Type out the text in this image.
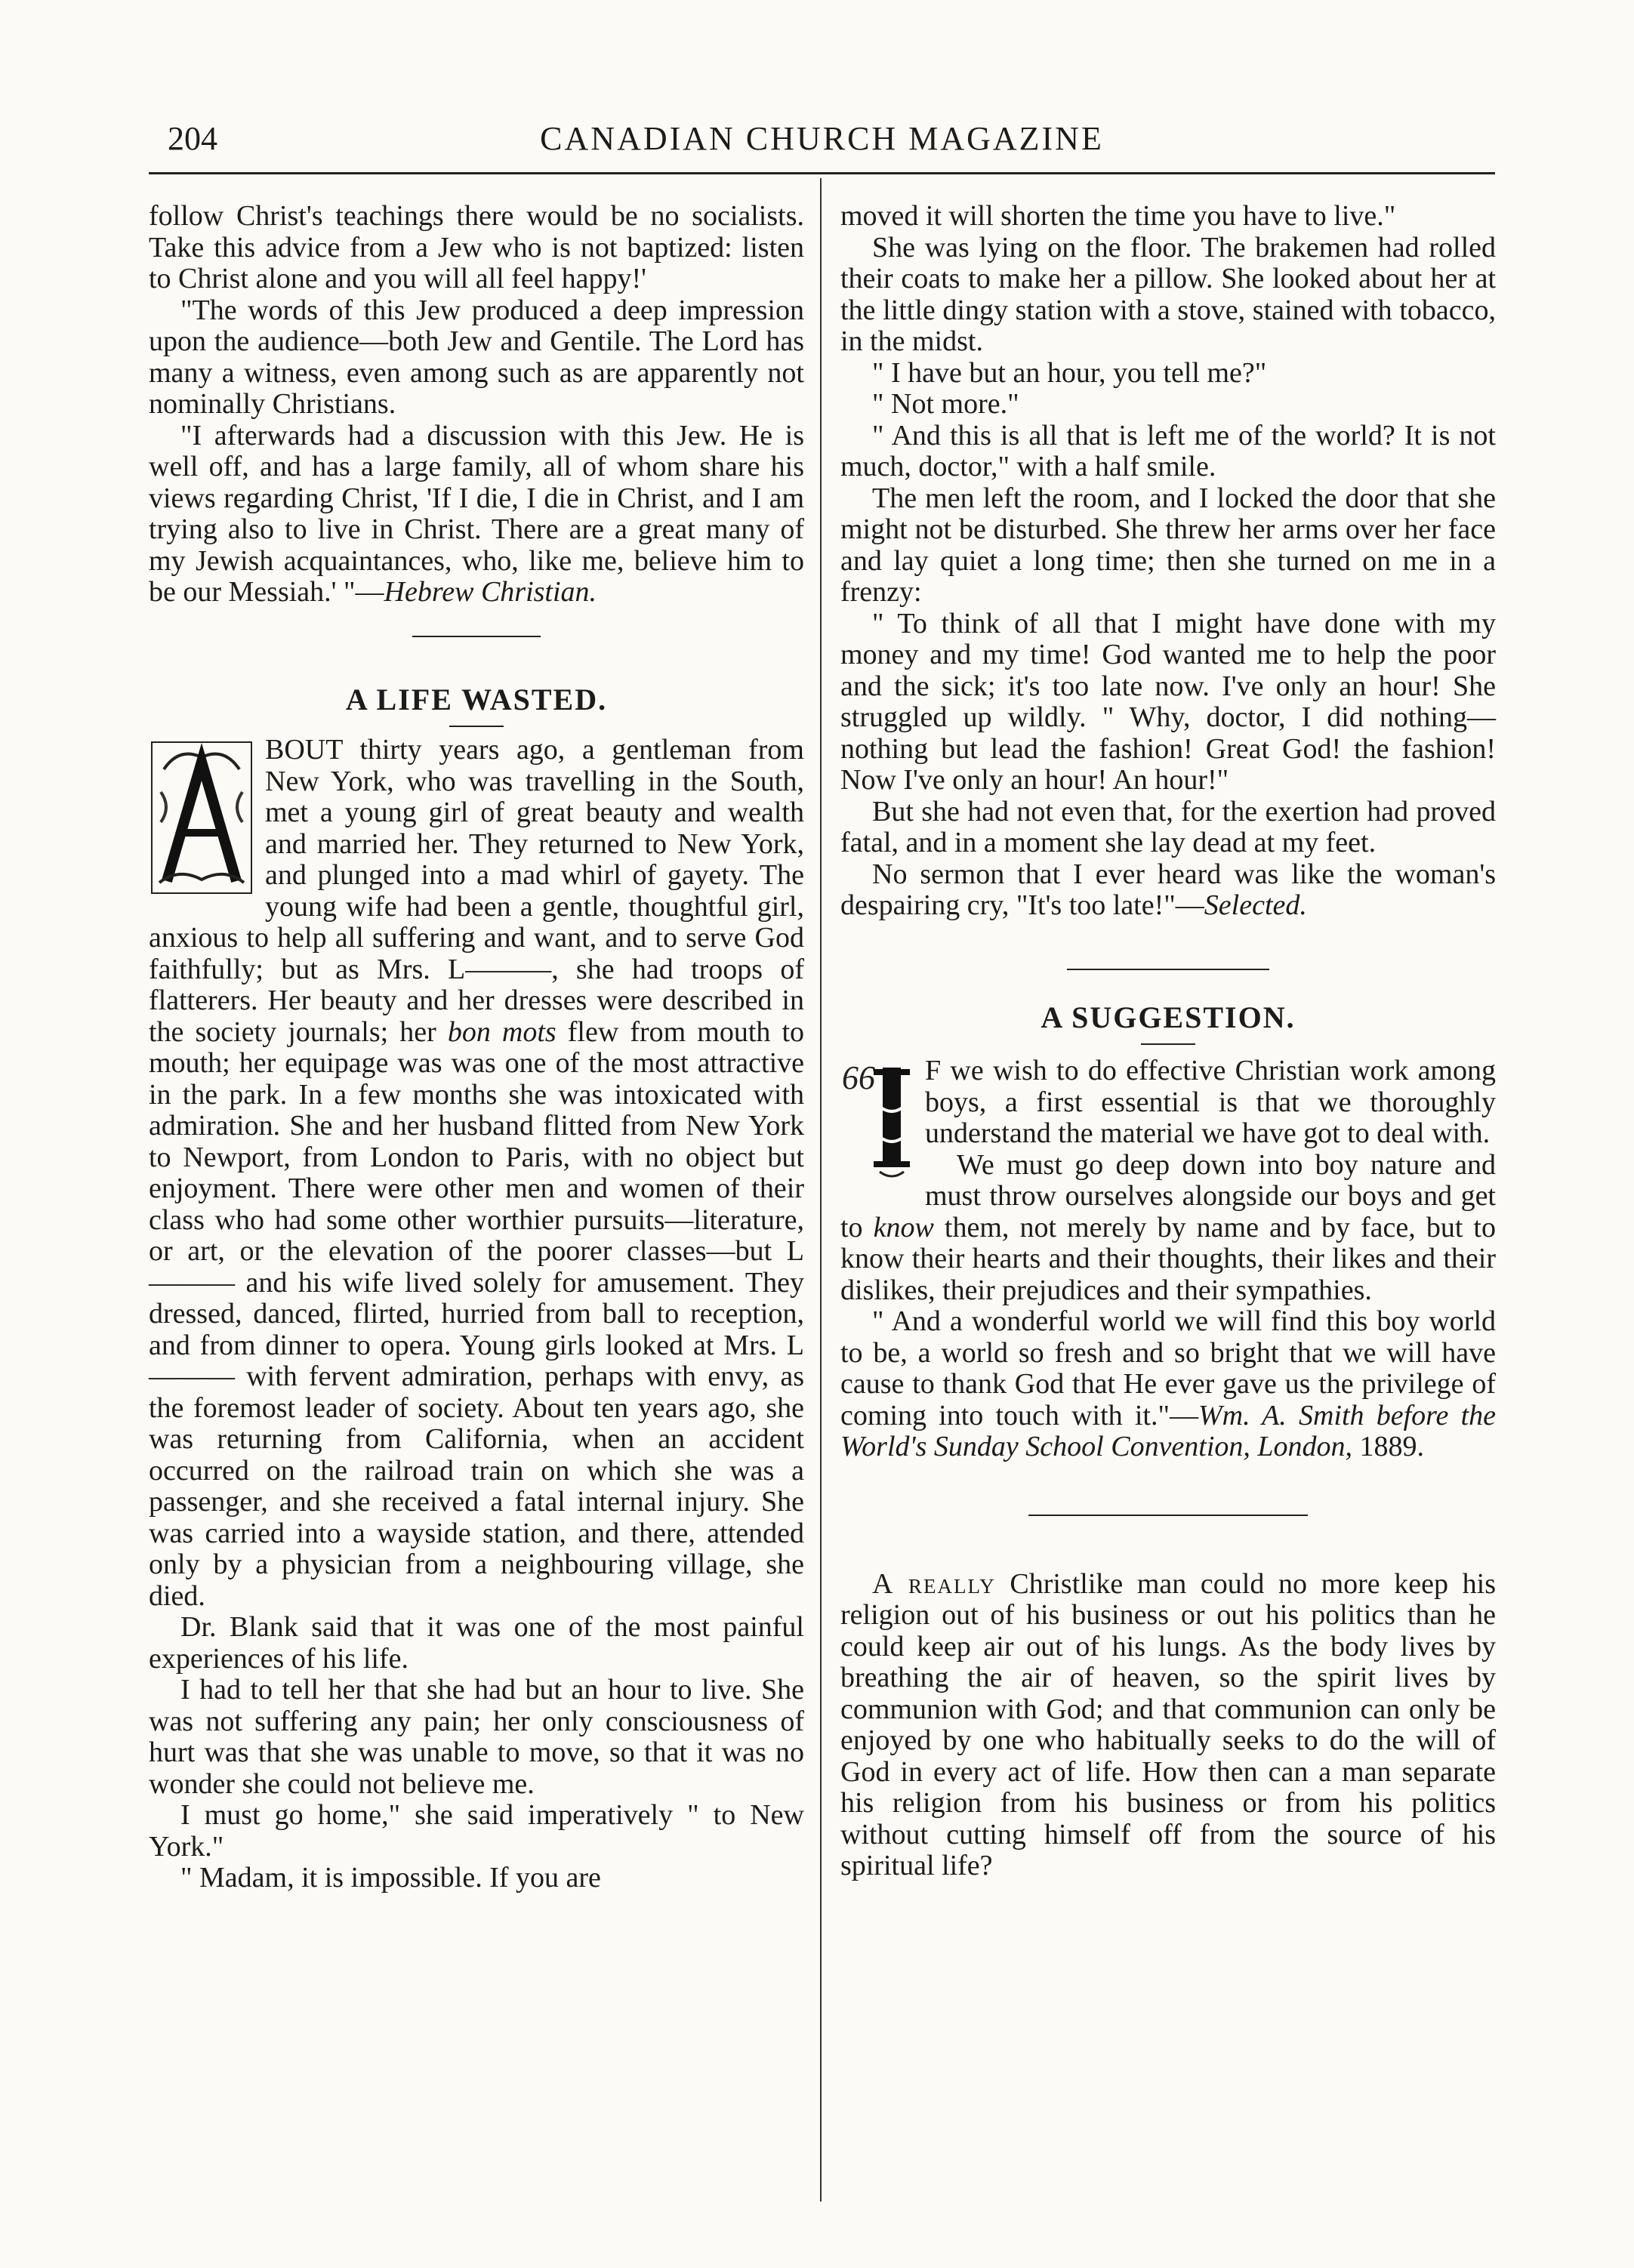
204	CANADIAN CHURCH MAGAZINE

follow Christ's teachings there would be no socialists. Take this advice from a Jew who is not baptized: listen to Christ alone and you will all feel happy!'

"The words of this Jew produced a deep impression upon the audience—both Jew and Gentile. The Lord has many a witness, even among such as are apparently not nominally Christians.

"I afterwards had a discussion with this Jew. He is well off, and has a large family, all of whom share his views regarding Christ, 'If I die, I die in Christ, and I am trying also to live in Christ. There are a great many of my Jewish acquaintances, who, like me, believe him to be our Messiah.' "—Hebrew Christian.

A LIFE WASTED.

BOUT thirty years ago, a gentleman from New York, who was travelling in the South, met a young girl of great beauty and wealth and married her. They returned to New York, and plunged into a mad whirl of gayety. The young wife had been a gentle, thoughtful girl, anxious to help all suffering and want, and to serve God faithfully; but as Mrs. L———, she had troops of flatterers. Her beauty and her dresses were described in the society journals; her bon mots flew from mouth to mouth; her equipage was was one of the most attractive in the park. In a few months she was intoxicated with admiration. She and her husband flitted from New York to Newport, from London to Paris, with no object but enjoyment. There were other men and women of their class who had some other worthier pursuits—literature, or art, or the elevation of the poorer classes—but L——— and his wife lived solely for amusement. They dressed, danced, flirted, hurried from ball to reception, and from dinner to opera. Young girls looked at Mrs. L——— with fervent admiration, perhaps with envy, as the foremost leader of society. About ten years ago, she was returning from California, when an accident occurred on the railroad train on which she was a passenger, and she received a fatal internal injury. She was carried into a wayside station, and there, attended only by a physician from a neighbouring village, she died.

Dr. Blank said that it was one of the most painful experiences of his life.

I had to tell her that she had but an hour to live. She was not suffering any pain; her only consciousness of hurt was that she was unable to move, so that it was no wonder she could not believe me.

I must go home," she said imperatively " to New York."

" Madam, it is impossible. If you are

moved it will shorten the time you have to live."

She was lying on the floor. The brakemen had rolled their coats to make her a pillow. She looked about her at the little dingy station with a stove, stained with tobacco, in the midst.

" I have but an hour, you tell me?"

" Not more."

" And this is all that is left me of the world? It is not much, doctor," with a half smile.

The men left the room, and I locked the door that she might not be disturbed. She threw her arms over her face and lay quiet a long time; then she turned on me in a frenzy:

" To think of all that I might have done with my money and my time! God wanted me to help the poor and the sick; it's too late now. I've only an hour! She struggled up wildly. " Why, doctor, I did nothing—nothing but lead the fashion! Great God! the fashion! Now I've only an hour! An hour!"

But she had not even that, for the exertion had proved fatal, and in a moment she lay dead at my feet.

No sermon that I ever heard was like the woman's despairing cry, "It's too late!"—Selected.

A SUGGESTION.

66 F we wish to do effective Christian work among boys, a first essential is that we thoroughly understand the material we have got to deal with.

We must go deep down into boy nature and must throw ourselves alongside our boys and get to know them, not merely by name and by face, but to know their hearts and their thoughts, their likes and their dislikes, their prejudices and their sympathies.

" And a wonderful world we will find this boy world to be, a world so fresh and so bright that we will have cause to thank God that He ever gave us the privilege of coming into touch with it."—Wm. A. Smith before the World's Sunday School Convention, London, 1889.

A really Christlike man could no more keep his religion out of his business or out his politics than he could keep air out of his lungs. As the body lives by breathing the air of heaven, so the spirit lives by communion with God; and that communion can only be enjoyed by one who habitually seeks to do the will of God in every act of life. How then can a man separate his religion from his business or from his politics without cutting himself off from the source of his spiritual life?
